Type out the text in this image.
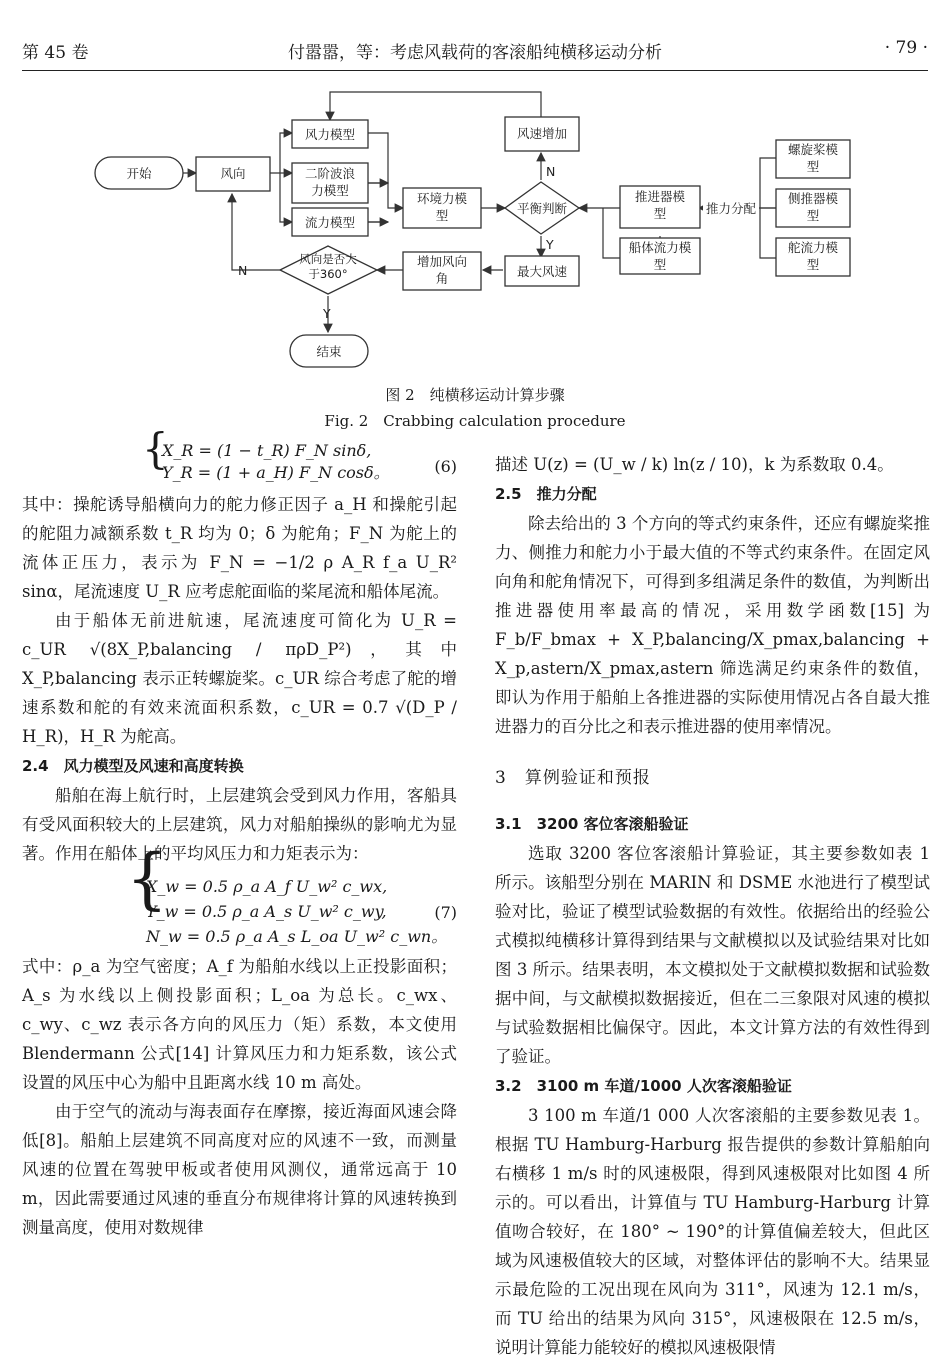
第 45 卷	付嚣嚣，等：考虑风载荷的客滚船纯横移运动分析	· 79 ·
开始	风向
风力模型
二阶波浪力模型
流力模型
环境力模型	平衡判断
风速增加
最大风速
增加风向角
风向是否大于360°
结束
推进器模型
船体流力模型
推力分配
螺旋桨模型
侧推器模型
舵流力模型
N
Y
N
Y
图 2　纯横移运动计算步骤
Fig. 2　Crabbing calculation procedure
{
X_R = (1 − t_R) F_N sinδ,
Y_R = (1 + a_H) F_N cosδ。	(6)

其中：操舵诱导船横向力的舵力修正因子 a_H 和操舵引起的舵阻力减额系数 t_R 均为 0；δ 为舵角；F_N 为舵上的流体正压力，表示为 F_N = −1/2 ρ A_R f_a U_R² sinα，尾流速度 U_R 应考虑舵面临的桨尾流和船体尾流。

由于船体无前进航速，尾流速度可简化为 U_R = c_UR √(8X_P,balancing / πρD_P²)，其中 X_P,balancing 表示正转螺旋桨。c_UR 综合考虑了舵的增速系数和舵的有效来流面积系数，c_UR = 0.7 √(D_P / H_R)，H_R 为舵高。

2.4　风力模型及风速和高度转换

船舶在海上航行时，上层建筑会受到风力作用，客船具有受风面积较大的上层建筑，风力对船舶操纵的影响尤为显著。作用在船体上的平均风压力和力矩表示为：

{
X_w = 0.5 ρ_a A_f U_w² c_wx,
Y_w = 0.5 ρ_a A_s U_w² c_wy,
N_w = 0.5 ρ_a A_s L_oa U_w² c_wn。
(7)

式中：ρ_a 为空气密度；A_f 为船舶水线以上正投影面积；A_s 为水线以上侧投影面积；L_oa 为总长。c_wx、c_wy、c_wz 表示各方向的风压力（矩）系数，本文使用 Blendermann 公式[14] 计算风压力和力矩系数，该公式设置的风压中心为船中且距离水线 10 m 高处。

由于空气的流动与海表面存在摩擦，接近海面风速会降低[8]。船舶上层建筑不同高度对应的风速不一致，而测量风速的位置在驾驶甲板或者使用风测仪，通常远高于 10 m，因此需要通过风速的垂直分布规律将计算的风速转换到测量高度，使用对数规律

描述 U(z) = (U_w / k) ln(z / 10)，k 为系数取 0.4。

2.5　推力分配

除去给出的 3 个方向的等式约束条件，还应有螺旋桨推力、侧推力和舵力小于最大值的不等式约束条件。在固定风向角和舵角情况下，可得到多组满足条件的数值，为判断出推进器使用率最高的情况，采用数学函数[15] 为 F_b/F_bmax + X_P,balancing/X_pmax,balancing + X_p,astern/X_pmax,astern 筛选满足约束条件的数值，即认为作用于船舶上各推进器的实际使用情况占各自最大推进器力的百分比之和表示推进器的使用率情况。

3　算例验证和预报
3.1　3200 客位客滚船验证

选取 3200 客位客滚船计算验证，其主要参数如表 1 所示。该船型分别在 MARIN 和 DSME 水池进行了模型试验对比，验证了模型试验数据的有效性。依据给出的经验公式模拟纯横移计算得到结果与文献模拟以及试验结果对比如图 3 所示。结果表明，本文模拟处于文献模拟数据和试验数据中间，与文献模拟数据接近，但在二三象限对风速的模拟与试验数据相比偏保守。因此，本文计算方法的有效性得到了验证。

3.2　3100 m 车道/1000 人次客滚船验证

3 100 m 车道/1 000 人次客滚船的主要参数见表 1。根据 TU Hamburg-Harburg 报告提供的参数计算船舶向右横移 1 m/s 时的风速极限，得到风速极限对比如图 4 所示的。可以看出，计算值与 TU Hamburg-Harburg 计算值吻合较好，在 180° ~ 190°的计算值偏差较大，但此区域为风速极值较大的区域，对整体评估的影响不大。结果显示最危险的工况出现在风向为 311°，风速为 12.1 m/s，而 TU 给出的结果为风向 315°，风速极限在 12.5 m/s，说明计算能力能较好的模拟风速极限情
